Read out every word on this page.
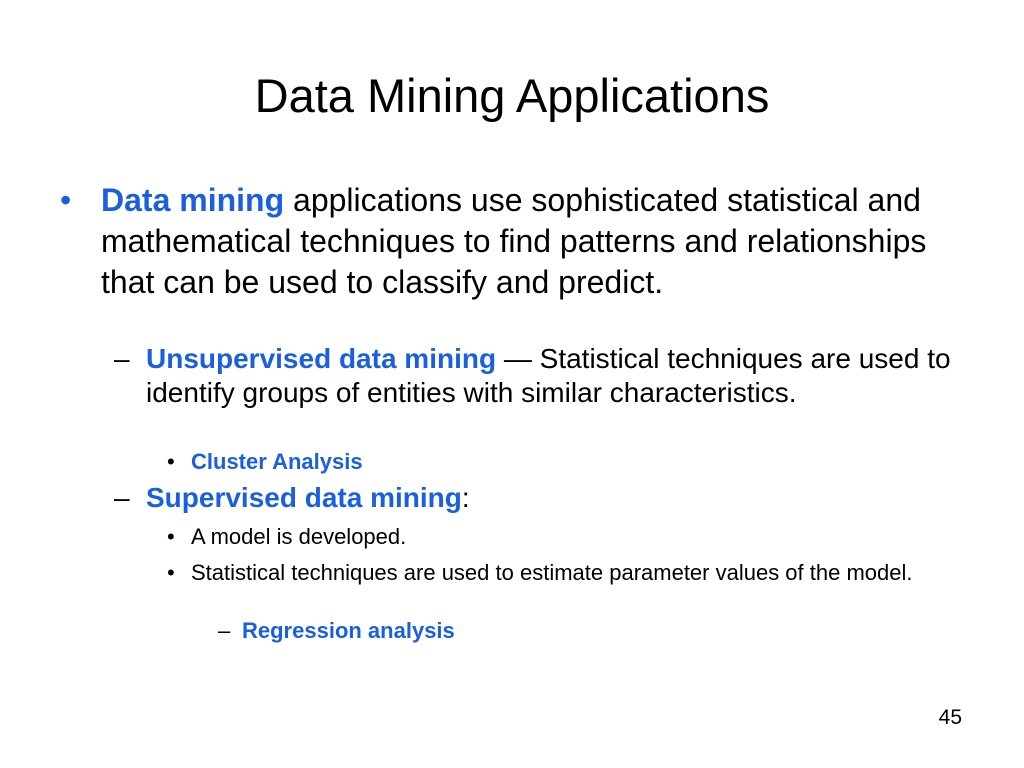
Data Mining Applications
• Data mining applications use sophisticated statistical and mathematical techniques to find patterns and relationships that can be used to classify and predict.
– Unsupervised data mining — Statistical techniques are used to identify groups of entities with similar characteristics.
• Cluster Analysis
– Supervised data mining:
• A model is developed.
• Statistical techniques are used to estimate parameter values of the model.
– Regression analysis
45
